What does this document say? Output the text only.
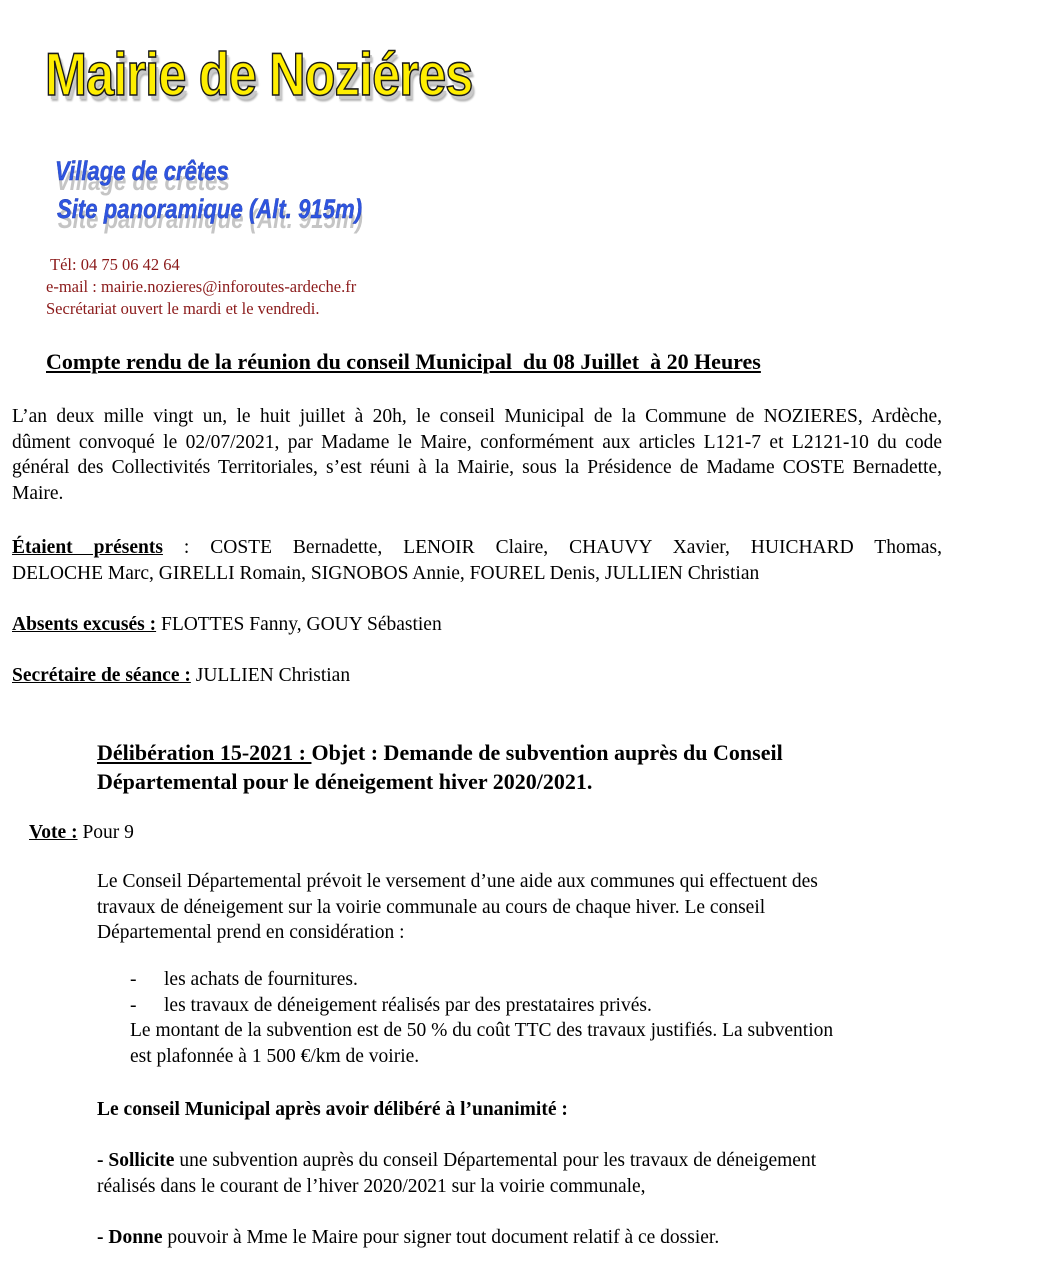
Mairie de Noziéres
Village de crêtes
Site panoramique (Alt. 915m)
Tél: 04 75 06 42 64
e-mail : mairie.nozieres@inforoutes-ardeche.fr
Secrétariat ouvert le mardi et le vendredi.
Compte rendu de la réunion du conseil Municipal  du 08 Juillet  à 20 Heures
L’an deux mille vingt un, le huit juillet à 20h, le conseil Municipal de la Commune de NOZIERES, Ardèche,
dûment convoqué le 02/07/2021, par Madame le Maire, conformément aux articles L121-7 et L2121-10 du code
général des Collectivités Territoriales, s’est réuni à la Mairie, sous la Présidence de Madame COSTE Bernadette,
Maire.
Étaient présents : COSTE Bernadette, LENOIR Claire, CHAUVY Xavier, HUICHARD Thomas,
DELOCHE Marc, GIRELLI Romain, SIGNOBOS Annie, FOUREL Denis, JULLIEN Christian
Absents excusés : FLOTTES Fanny, GOUY Sébastien
Secrétaire de séance : JULLIEN Christian
Délibération 15-2021 : Objet : Demande de subvention auprès du Conseil
Départemental pour le déneigement hiver 2020/2021.
Vote : Pour 9
Le Conseil Départemental prévoit le versement d’une aide aux communes qui effectuent des
travaux de déneigement sur la voirie communale au cours de chaque hiver. Le conseil
Départemental prend en considération :
- les achats de fournitures.
- les travaux de déneigement réalisés par des prestataires privés.
Le montant de la subvention est de 50 % du coût TTC des travaux justifiés. La subvention
est plafonnée à 1 500 €/km de voirie.
Le conseil Municipal après avoir délibéré à l’unanimité :
- Sollicite une subvention auprès du conseil Départemental pour les travaux de déneigement
réalisés dans le courant de l’hiver 2020/2021 sur la voirie communale,
- Donne pouvoir à Mme le Maire pour signer tout document relatif à ce dossier.
